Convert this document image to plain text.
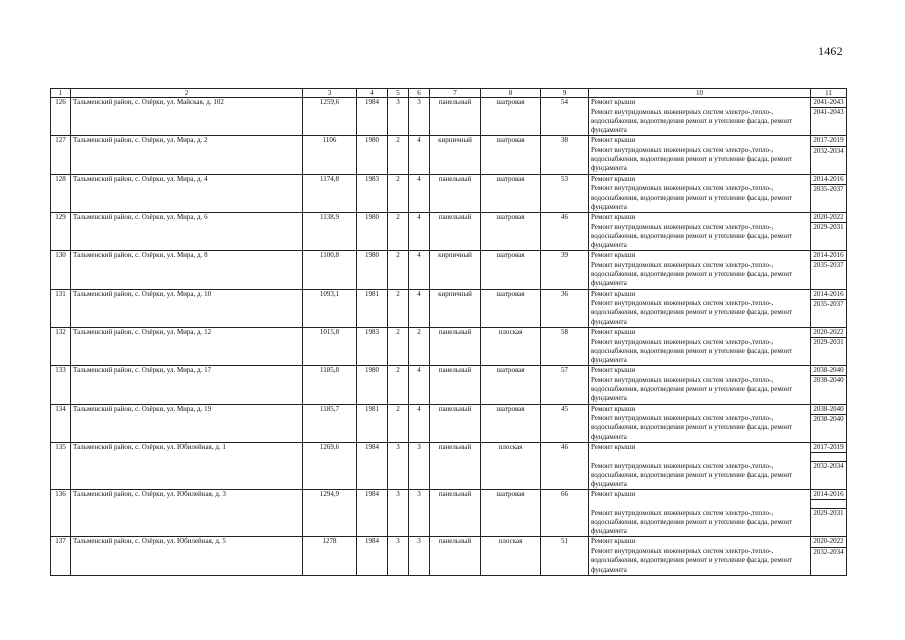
1462
1	2	3	4	5	6	7	8	9	10	11
126	Тальменский район, с. Озёрки, ул. Майская, д. 102	1259,6	1984	3	3	панельный	шатровая	54	Ремонт крыши	2041-2043
									Ремонт внутридомовых инженерных систем электро-,тепло-, водоснабжения, водоотведения ремонт и утепление фасада, ремонт фундамента	2041-2043
127	Тальменский район, с. Озёрки, ул. Мира, д. 2	1106	1980	2	4	кирпичный	шатровая	38	Ремонт крыши	2017-2019
									Ремонт внутридомовых инженерных систем электро-,тепло-, водоснабжения, водоотведения ремонт и утепление фасада, ремонт фундамента	2032-2034
128	Тальменский район, с. Озёрки, ул. Мира, д. 4	1174,8	1983	2	4	панельный	шатровая	53	Ремонт крыши	2014-2016
									Ремонт внутридомовых инженерных систем электро-,тепло-, водоснабжения, водоотведения ремонт и утепление фасада, ремонт фундамента	2035-2037
129	Тальменский район, с. Озёрки, ул. Мира, д. 6	1138,9	1980	2	4	панельный	шатровая	46	Ремонт крыши	2020-2022
									Ремонт внутридомовых инженерных систем электро-,тепло-, водоснабжения, водоотведения ремонт и утепление фасада, ремонт фундамента	2029-2031
130	Тальменский район, с. Озёрки, ул. Мира, д. 8	1100,8	1980	2	4	кирпичный	шатровая	39	Ремонт крыши	2014-2016
									Ремонт внутридомовых инженерных систем электро-,тепло-, водоснабжения, водоотведения ремонт и утепление фасада, ремонт фундамента	2035-2037
131	Тальменский район, с. Озёрки, ул. Мира, д. 10	1093,1	1981	2	4	кирпичный	шатровая	36	Ремонт крыши	2014-2016
									Ремонт внутридомовых инженерных систем электро-,тепло-, водоснабжения, водоотведения ремонт и утепление фасада, ремонт фундамента	2035-2037
132	Тальменский район, с. Озёрки, ул. Мира, д. 12	1015,8	1983	2	2	панельный	плоская	58	Ремонт крыши	2020-2022
									Ремонт внутридомовых инженерных систем электро-,тепло-, водоснабжения, водоотведения ремонт и утепление фасада, ремонт фундамента	2029-2031
133	Тальменский район, с. Озёрки, ул. Мира, д. 17	1185,8	1980	2	4	панельный	шатровая	57	Ремонт крыши	2038-2040
									Ремонт внутридомовых инженерных систем электро-,тепло-, водоснабжения, водоотведения ремонт и утепление фасада, ремонт фундамента	2038-2040
134	Тальменский район, с. Озёрки, ул. Мира, д. 19	1185,7	1981	2	4	панельный	шатровая	45	Ремонт крыши	2038-2040
									Ремонт внутридомовых инженерных систем электро-,тепло-, водоснабжения, водоотведения ремонт и утепление фасада, ремонт фундамента	2038-2040
135	Тальменский район, с. Озёрки, ул. Юбилейная, д. 1	1269,6	1984	3	3	панельный	плоская	46	Ремонт крыши	2017-2019

									Ремонт внутридомовых инженерных систем электро-,тепло-, водоснабжения, водоотведения ремонт и утепление фасада, ремонт фундамента	2032-2034
136	Тальменский район, с. Озёрки, ул. Юбилейная, д. 3	1294,9	1984	3	3	панельный	шатровая	66	Ремонт крыши	2014-2016

									Ремонт внутридомовых инженерных систем электро-,тепло-, водоснабжения, водоотведения ремонт и утепление фасада, ремонт фундамента	2029-2031
137	Тальменский район, с. Озёрки, ул. Юбилейная, д. 5	1278	1984	3	3	панельный	плоская	51	Ремонт крыши	2020-2022
									Ремонт внутридомовых инженерных систем электро-,тепло-, водоснабжения, водоотведения ремонт и утепление фасада, ремонт фундамента	2032-2034
